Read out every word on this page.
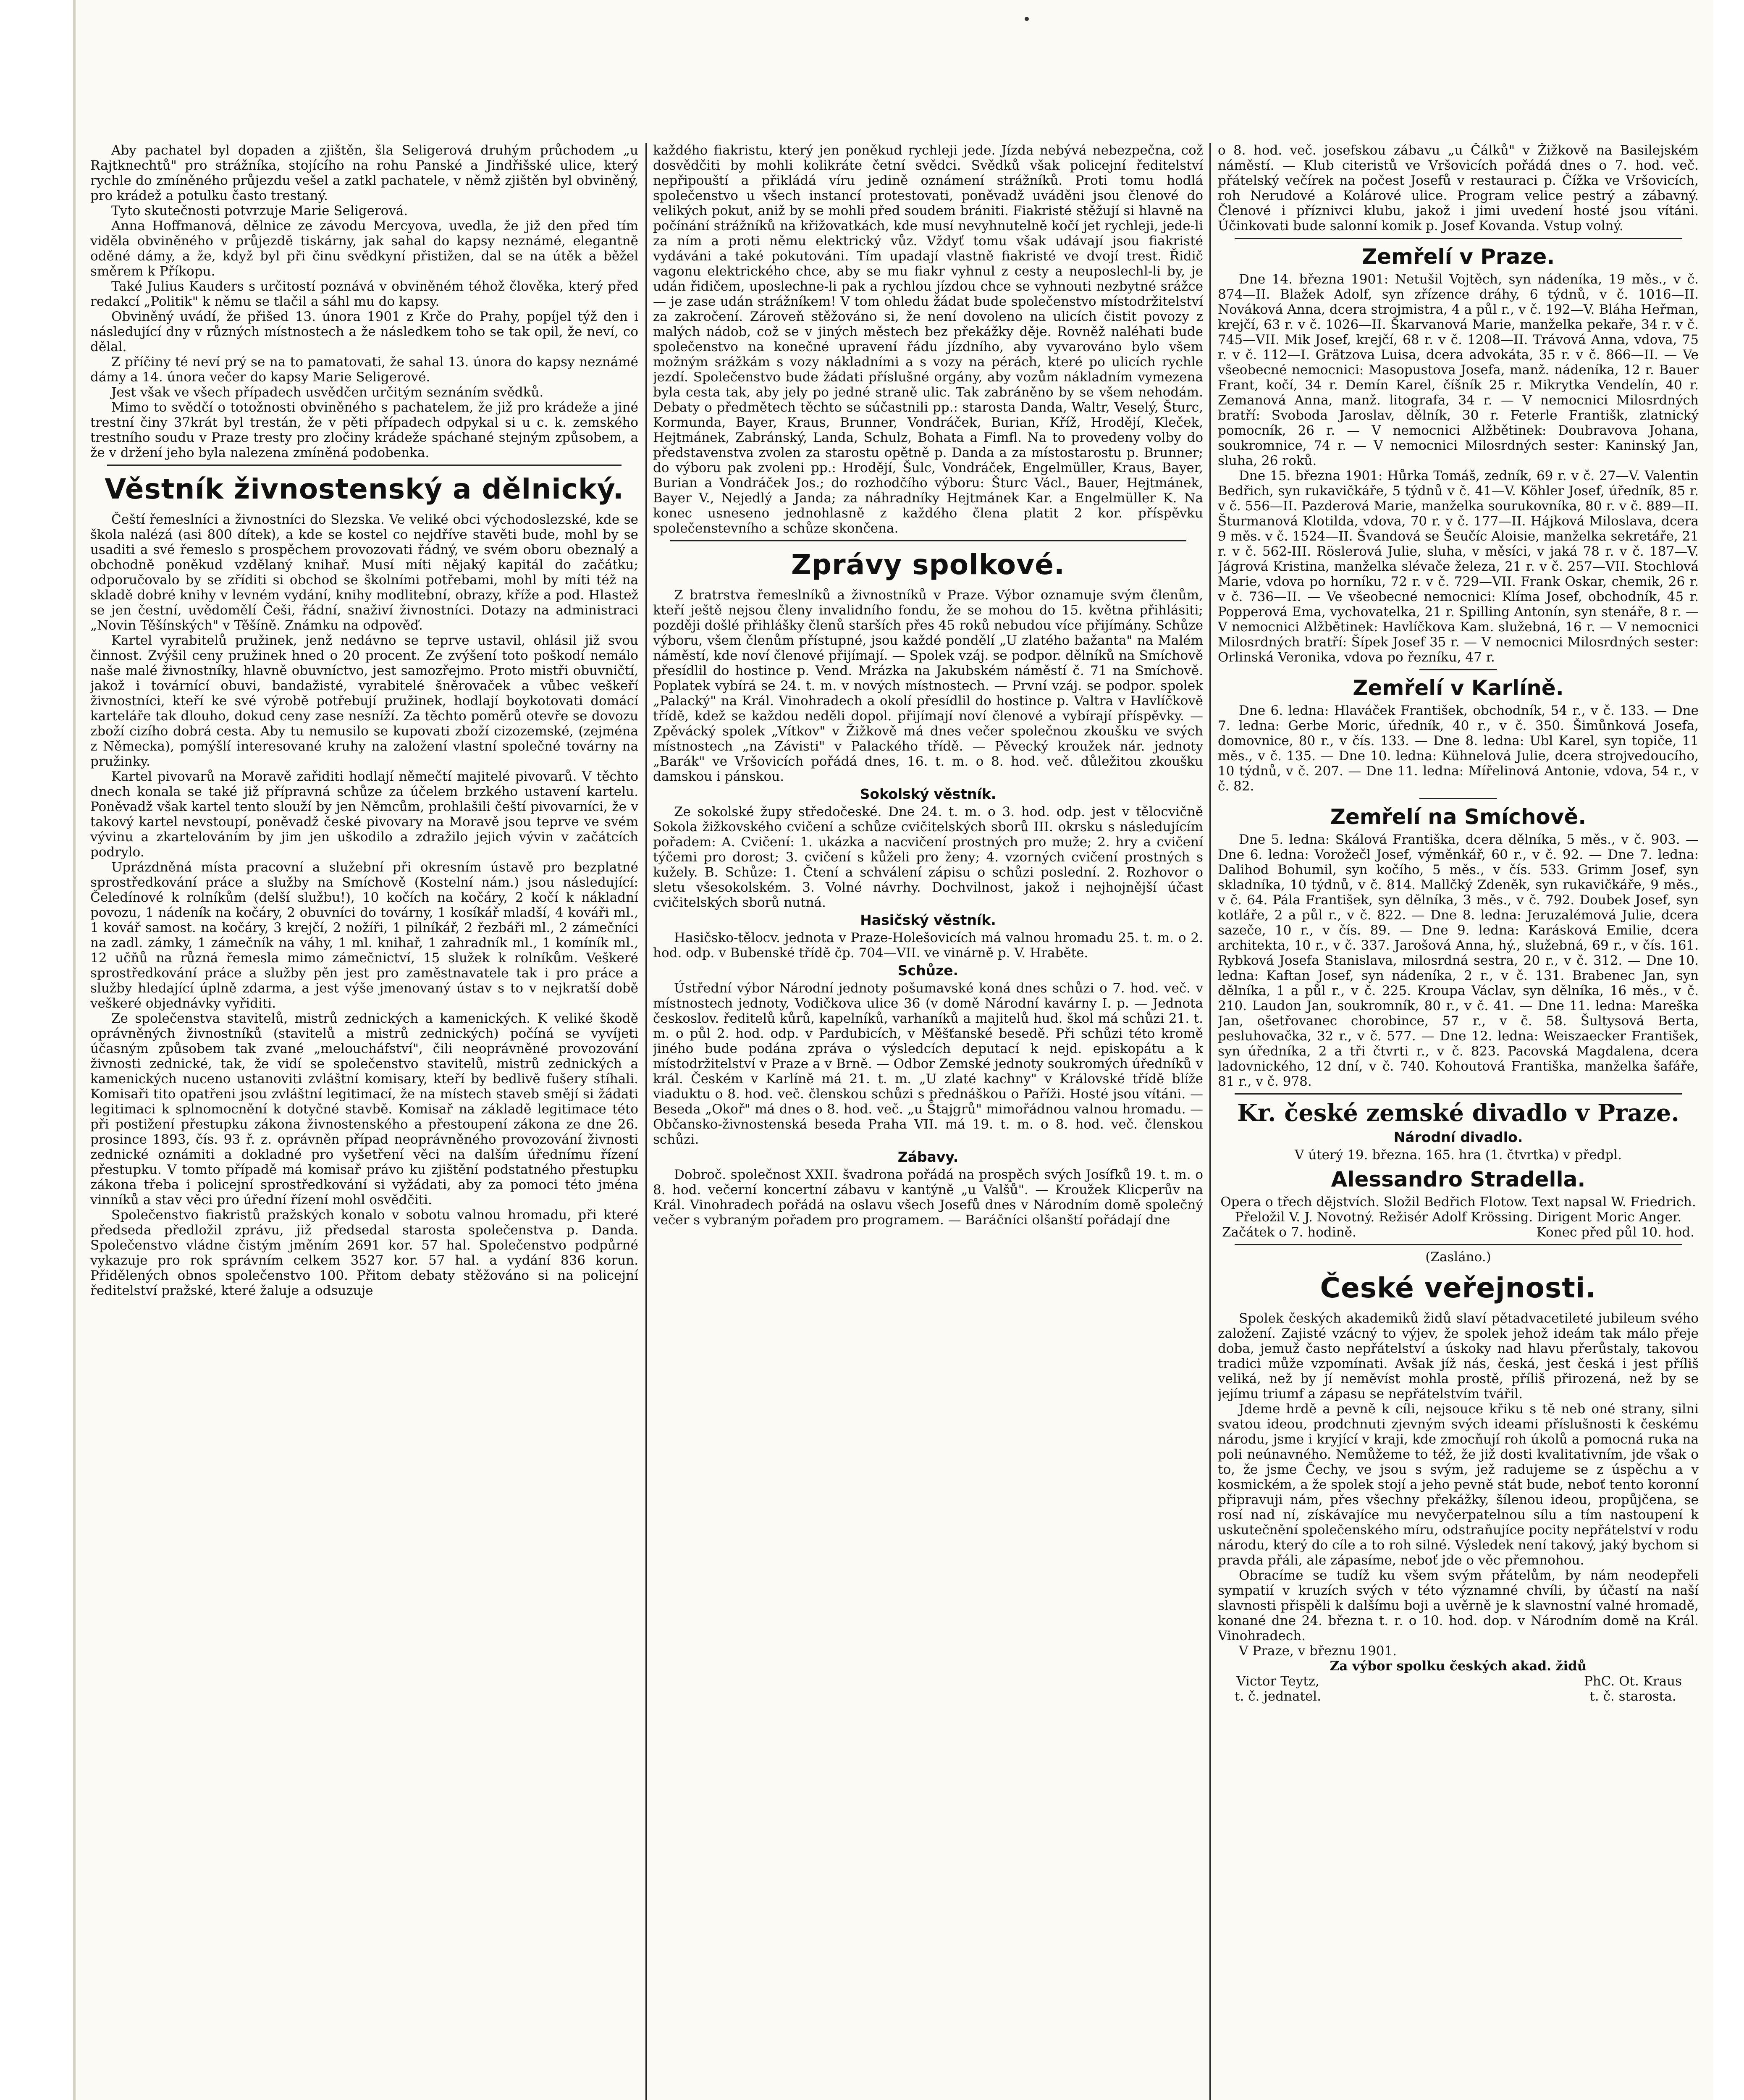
Aby pachatel byl dopaden a zjištěn, šla Seligerová druhým průchodem „u Rajtknechtů" pro strážníka, stojícího na rohu Panské a Jindřišské ulice, který rychle do zmíněného průjezdu vešel a zatkl pachatele, v němž zjištěn byl obviněný, pro krádež a potulku často trestaný.

Tyto skutečnosti potvrzuje Marie Seligerová.

Anna Hoffmanová, dělnice ze závodu Mercyova, uvedla, že již den před tím viděla obviněného v průjezdě tiskárny, jak sahal do kapsy neznámé, elegantně oděné dámy, a že, když byl při činu svědkyní přistižen, dal se na útěk a běžel směrem k Příkopu.

Také Julius Kauders s určitostí poznává v obviněném téhož člověka, který před redakcí „Politik" k němu se tlačil a sáhl mu do kapsy.

Obviněný uvádí, že přišed 13. února 1901 z Krče do Prahy, popíjel týž den i následující dny v různých místnostech a že následkem toho se tak opil, že neví, co dělal.

Z příčiny té neví prý se na to pamatovati, že sahal 13. února do kapsy neznámé dámy a 14. února večer do kapsy Marie Seligerové.

Jest však ve všech případech usvědčen určitým seznáním svědků.

Mimo to svědčí o totožnosti obviněného s pachatelem, že již pro krádeže a jiné trestní činy 37krát byl trestán, že v pěti případech odpykal si u c. k. zemského trestního soudu v Praze tresty pro zločiny krádeže spáchané stejným způsobem, a že v držení jeho byla nalezena zmíněná podobenka.

Věstník živnostenský a dělnický.

Čeští řemeslníci a živnostníci do Slezska. Ve veliké obci východoslezské, kde se škola nalézá (asi 800 dítek), a kde se kostel co nejdříve stavěti bude, mohl by se usaditi a své řemeslo s prospěchem provozovati řádný, ve svém oboru obeznalý a obchodně poněkud vzdělaný knihař. Musí míti nějaký kapitál do začátku; odporučovalo by se zříditi si obchod se školními potřebami, mohl by míti též na skladě dobré knihy v levném vydání, knihy modlitební, obrazy, kříže a pod. Hlastež se jen čestní, uvědomělí Češi, řádní, snaživí živnostníci. Dotazy na administraci „Novin Těšínských" v Těšíně. Známku na odpověď.

Kartel vyrabitelů pružinek, jenž nedávno se teprve ustavil, ohlásil již svou činnost. Zvýšil ceny pružinek hned o 20 procent. Ze zvýšení toto poškodí nemálo naše malé živnostníky, hlavně obuvníctvo, jest samozřejmo. Proto mistři obuvničtí, jakož i továrnící obuvi, bandažisté, vyrabitelé šněrovaček a vůbec veškeří živnostníci, kteří ke své výrobě potřebují pružinek, hodlají boykotovati domácí karteláře tak dlouho, dokud ceny zase nesníží. Za těchto poměrů otevře se dovozu zboží cizího dobrá cesta. Aby tu nemusilo se kupovati zboží cizozemské, (zejména z Německa), pomýšlí interesované kruhy na založení vlastní společné továrny na pružinky.

Kartel pivovarů na Moravě zařiditi hodlají němečtí majitelé pivovarů. V těchto dnech konala se také již přípravná schůze za účelem brzkého ustavení kartelu. Poněvadž však kartel tento slouží by jen Němcům, prohlašili čeští pivovarníci, že v takový kartel nevstoupí, poněvadž české pivovary na Moravě jsou teprve ve svém vývinu a zkartelováním by jim jen uškodilo a zdražilo jejich vývin v začátcích podrylo.

Uprázdněná místa pracovní a služební při okresním ústavě pro bezplatné sprostředkování práce a služby na Smíchově (Kostelní nám.) jsou následující: Čeledínové k rolníkům (delší službu!), 10 kočích na kočáry, 2 kočí k nákladní povozu, 1 nádeník na kočáry, 2 obuvníci do továrny, 1 kosíkář mladší, 4 kováři ml., 1 kovář samost. na kočáry, 3 krejčí, 2 nožíři, 1 pilníkář, 2 řezbáři ml., 2 zámečníci na zadl. zámky, 1 zámečník na váhy, 1 ml. knihař, 1 zahradník ml., 1 komíník ml., 12 učňů na různá řemesla mimo zámečnictví, 15 služek k rolníkům. Veškeré sprostředkování práce a služby pěn jest pro zaměstnavatele tak i pro práce a služby hledající úplně zdarma, a jest výše jmenovaný ústav s to v nejkratší době veškeré objednávky vyřiditi.

Ze společenstva stavitelů, mistrů zednických a kamenických. K veliké škodě oprávněných živnostníků (stavitelů a mistrů zednických) počíná se vyvíjeti účasným způsobem tak zvané „meloucháfství", čili neoprávněné provozování živnosti zednické, tak, že vidí se společenstvo stavitelů, mistrů zednických a kamenických nuceno ustanoviti zvláštní komisary, kteří by bedlivě fušery stíhali. Komisaři tito opatřeni jsou zvláštní legitimací, že na místech staveb smějí si žádati legitimaci k splnomocnění k dotyčné stavbě. Komisař na základě legitimace této při postižení přestupku zákona živnostenského a přestoupení zákona ze dne 26. prosince 1893, čís. 93 ř. z. oprávněn případ neoprávněného provozování živnosti zednické oznámiti a dokladné pro vyšetření věci na dalším úřednímu řízení přestupku. V tomto případě má komisař právo ku zjištění podstatného přestupku zákona třeba i policejní sprostředkování si vyžádati, aby za pomoci této jména vinníků a stav věci pro úřední řízení mohl osvědčiti.

Společenstvo fiakristů pražských konalo v sobotu valnou hromadu, při které předseda předložil zprávu, již předsedal starosta společenstva p. Danda. Společenstvo vládne čistým jměním 2691 kor. 57 hal. Společenstvo podpůrné vykazuje pro rok správním celkem 3527 kor. 57 hal. a vydání 836 korun. Přidělených obnos společenstvo 100. Přitom debaty stěžováno si na policejní ředitelství pražské, které žaluje a odsuzuje

každého fiakristu, který jen poněkud rychleji jede. Jízda nebývá nebezpečna, což dosvědčiti by mohli kolikráte četní svědci. Svědků však policejní ředitelství nepřipouští a přikládá víru jedině oznámení strážníků. Proti tomu hodlá společenstvo u všech instancí protestovati, poněvadž uváděni jsou členové do velikých pokut, aniž by se mohli před soudem brániti. Fiakristé stěžují si hlavně na počínání strážníků na křižovatkách, kde musí nevyhnutelně kočí jet rychleji, jede-li za ním a proti němu elektrický vůz. Vždyť tomu však udávají jsou fiakristé vydáváni a také pokutováni. Tím upadají vlastně fiakristé ve dvojí trest. Řidič vagonu elektrického chce, aby se mu fiakr vyhnul z cesty a neuposlechl-li by, je udán řidičem, uposlechne-li pak a rychlou jízdou chce se vyhnouti nezbytné srážce — je zase udán strážníkem! V tom ohledu žádat bude společenstvo místodržitelství za zakročení. Zároveň stěžováno si, že není dovoleno na ulicích čistit povozy z malých nádob, což se v jiných městech bez překážky děje. Rovněž naléhati bude společenstvo na konečné upravení řádu jízdního, aby vyvarováno bylo všem možným srážkám s vozy nákladními a s vozy na pérách, které po ulicích rychle jezdí. Společenstvo bude žádati příslušné orgány, aby vozům nákladním vymezena byla cesta tak, aby jely po jedné straně ulic. Tak zabráněno by se všem nehodám. Debaty o předmětech těchto se súčastnili pp.: starosta Danda, Waltr, Veselý, Šturc, Kormunda, Bayer, Kraus, Brunner, Vondráček, Burian, Kříž, Hrodějí, Kleček, Hejtmánek, Zabránský, Landa, Schulz, Bohata a Fimfl. Na to provedeny volby do představenstva zvolen za starostu opětně p. Danda a za místostarostu p. Brunner; do výboru pak zvoleni pp.: Hrodějí, Šulc, Vondráček, Engelmüller, Kraus, Bayer, Burian a Vondráček Jos.; do rozhodčího výboru: Šturc Václ., Bauer, Hejtmánek, Bayer V., Nejedlý a Janda; za náhradníky Hejtmánek Kar. a Engelmüller K. Na konec usneseno jednohlasně z každého člena platit 2 kor. příspěvku společenstevního a schůze skončena.

Zprávy spolkové.

Z bratrstva řemeslníků a živnostníků v Praze. Výbor oznamuje svým členům, kteří ještě nejsou členy invalidního fondu, že se mohou do 15. května přihlásiti; později došlé přihlášky členů starších přes 45 roků nebudou více přijímány. Schůze výboru, všem členům přístupné, jsou každé pondělí „U zlatého bažanta" na Malém náměstí, kde noví členové přijímají. — Spolek vzáj. se podpor. dělníků na Smíchově přesídlil do hostince p. Vend. Mrázka na Jakubském náměstí č. 71 na Smíchově. Poplatek vybírá se 24. t. m. v nových místnostech. — První vzáj. se podpor. spolek „Palacký" na Král. Vinohradech a okolí přesídlil do hostince p. Valtra v Havlíčkově třídě, kdež se každou neděli dopol. přijímají noví členové a vybírají příspěvky. — Zpěvácký spolek „Vítkov" v Žižkově má dnes večer společnou zkoušku ve svých místnostech „na Závisti" v Palackého třídě. — Pěvecký kroužek nár. jednoty „Barák" ve Vršovicích pořádá dnes, 16. t. m. o 8. hod. več. důležitou zkoušku damskou i pánskou.

Sokolský věstník.

Ze sokolské župy středočeské. Dne 24. t. m. o 3. hod. odp. jest v tělocvičně Sokola žižkovského cvičení a schůze cvičitelských sborů III. okrsku s následujícím pořadem: A. Cvičení: 1. ukázka a nacvičení prostných pro muže; 2. hry a cvičení týčemi pro dorost; 3. cvičení s kůželi pro ženy; 4. vzorných cvičení prostných s kužely. B. Schůze: 1. Čtení a schválení zápisu o schůzi poslední. 2. Rozhovor o sletu všesokolském. 3. Volné návrhy. Dochvilnost, jakož i nejhojnější účast cvičitelských sborů nutná.

Hasičský věstník.

Hasičsko-tělocv. jednota v Praze-Holešovicích má valnou hromadu 25. t. m. o 2. hod. odp. v Bubenské třídě čp. 704—VII. ve vinárně p. V. Hraběte.

Schůze.

Ústřední výbor Národní jednoty pošumavské koná dnes schůzi o 7. hod. več. v místnostech jednoty, Vodičkova ulice 36 (v domě Národní kavárny I. p. — Jednota českoslov. ředitelů kůrů, kapelníků, varhaníků a majitelů hud. škol má schůzi 21. t. m. o půl 2. hod. odp. v Pardubicích, v Měšťanské besedě. Při schůzi této kromě jiného bude podána zpráva o výsledcích deputací k nejd. episkopátu a k místodržitelství v Praze a v Brně. — Odbor Zemské jednoty soukromých úředníků v král. Českém v Karlíně má 21. t. m. „U zlaté kachny" v Královské třídě blíže viaduktu o 8. hod. več. členskou schůzi s přednáškou o Paříži. Hosté jsou vítáni. — Beseda „Okoř" má dnes o 8. hod. več. „u Štajgrů" mimořádnou valnou hromadu. — Občansko-živnostenská beseda Praha VII. má 19. t. m. o 8. hod. več. členskou schůzi.

Zábavy.

Dobroč. společnost XXII. švadrona pořádá na prospěch svých Josífků 19. t. m. o 8. hod. večerní koncertní zábavu v kantýně „u Valšů". — Kroužek Klicperův na Král. Vinohradech pořádá na oslavu všech Josefů dnes v Národním domě společný večer s vybraným pořadem pro programem. — Baráčníci olšanští pořádají dne

o 8. hod. več. josefskou zábavu „u Čálků" v Žižkově na Basilejském náměstí. — Klub citeristů ve Vršovicích pořádá dnes o 7. hod. več. přátelský večírek na počest Josefů v restauraci p. Čížka ve Vršovicích, roh Nerudové a Kolárové ulice. Program velice pestrý a zábavný. Členové i příznivci klubu, jakož i jimi uvedení hosté jsou vítáni. Účinkovati bude salonní komik p. Josef Kovanda. Vstup volný.

Zemřelí v Praze.

Dne 14. března 1901: Netušil Vojtěch, syn nádeníka, 19 měs., v č. 874—II. Blažek Adolf, syn zřízence dráhy, 6 týdnů, v č. 1016—II. Nováková Anna, dcera strojmistra, 4 a půl r., v č. 192—V. Bláha Heřman, krejčí, 63 r. v č. 1026—II. Škarvanová Marie, manželka pekaře, 34 r. v č. 745—VII. Mik Josef, krejčí, 68 r. v č. 1208—II. Trávová Anna, vdova, 75 r. v č. 112—I. Grätzova Luisa, dcera advokáta, 35 r. v č. 866—II. — Ve všeobecné nemocnici: Masopustova Josefa, manž. nádeníka, 12 r. Bauer Frant, kočí, 34 r. Demín Karel, číšník 25 r. Mikrytka Vendelín, 40 r. Zemanová Anna, manž. litografa, 34 r. — V nemocnici Milosrdných bratří: Svoboda Jaroslav, dělník, 30 r. Feterle Františk, zlatnický pomocník, 26 r. — V nemocnici Alžbětinek: Doubravova Johana, soukromnice, 74 r. — V nemocnici Milosrdných sester: Kaninský Jan, sluha, 26 roků.

Dne 15. března 1901: Hůrka Tomáš, zedník, 69 r. v č. 27—V. Valentin Bedřich, syn rukavičkáře, 5 týdnů v č. 41—V. Köhler Josef, úředník, 85 r. v č. 556—II. Pazderová Marie, manželka sourukovníka, 80 r. v č. 889—II. Šturmanová Klotilda, vdova, 70 r. v č. 177—II. Hájková Miloslava, dcera 9 měs. v č. 1524—II. Švandová se Šeučíc Aloisie, manželka sekretáře, 21 r. v č. 562-III. Röslerová Julie, sluha, v měsíci, v jaká 78 r. v č. 187—V. Jágrová Kristina, manželka slévače železa, 21 r. v č. 257—VII. Stochlová Marie, vdova po horníku, 72 r. v č. 729—VII. Frank Oskar, chemik, 26 r. v č. 736—II. — Ve všeobecné nemocnici: Klíma Josef, obchodník, 45 r. Popperová Ema, vychovatelka, 21 r. Spilling Antonín, syn stenáře, 8 r. — V nemocnici Alžbětinek: Havlíčkova Kam. služebná, 16 r. — V nemocnici Milosrdných bratří: Šípek Josef 35 r. — V nemocnici Milosrdných sester: Orlinská Veronika, vdova po řezníku, 47 r.

Zemřelí v Karlíně.

Dne 6. ledna: Hlaváček František, obchodník, 54 r., v č. 133. — Dne 7. ledna: Gerbe Moric, úředník, 40 r., v č. 350. Šimůnková Josefa, domovnice, 80 r., v čís. 133. — Dne 8. ledna: Ubl Karel, syn topiče, 11 měs., v č. 135. — Dne 10. ledna: Kühnelová Julie, dcera strojvedoucího, 10 týdnů, v č. 207. — Dne 11. ledna: Mířelinová Antonie, vdova, 54 r., v č. 82.

Zemřelí na Smíchově.

Dne 5. ledna: Skálová Františka, dcera dělníka, 5 měs., v č. 903. — Dne 6. ledna: Vorožečl Josef, výměnkář, 60 r., v č. 92. — Dne 7. ledna: Dalihod Bohumil, syn kočího, 5 měs., v čís. 533. Grimm Josef, syn skladníka, 10 týdnů, v č. 814. Mallčký Zdeněk, syn rukavičkáře, 9 měs., v č. 64. Pála František, syn dělníka, 3 měs., v č. 792. Doubek Josef, syn kotláře, 2 a půl r., v č. 822. — Dne 8. ledna: Jeruzalémová Julie, dcera sazeče, 10 r., v čís. 89. — Dne 9. ledna: Karásková Emilie, dcera architekta, 10 r., v č. 337. Jarošová Anna, hý., služebná, 69 r., v čís. 161. Rybková Josefa Stanislava, milosrdná sestra, 20 r., v č. 312. — Dne 10. ledna: Kaftan Josef, syn nádeníka, 2 r., v č. 131. Brabenec Jan, syn dělníka, 1 a půl r., v č. 225. Kroupa Václav, syn dělníka, 16 měs., v č. 210. Laudon Jan, soukromník, 80 r., v č. 41. — Dne 11. ledna: Mareška Jan, ošetřovanec chorobince, 57 r., v č. 58. Šultysová Berta, pesluhovačka, 32 r., v č. 577. — Dne 12. ledna: Weiszaecker František, syn úředníka, 2 a tři čtvrti r., v č. 823. Pacovská Magdalena, dcera ladovnického, 12 dní, v č. 740. Kohoutová Františka, manželka šafáře, 81 r., v č. 978.

Kr. české zemské divadlo v Praze.
Národní divadlo.

V úterý 19. března. 165. hra (1. čtvrtka) v předpl.

Alessandro Stradella.

Opera o třech dějstvích. Složil Bedřich Flotow. Text napsal W. Friedrich. Přeložil V. J. Novotný. Režisér Adolf Krössing. Dirigent Moric Anger.

Začátek o 7. hodině.	Konec před půl 10. hod.

(Zasláno.)

České veřejnosti.

Spolek českých akademiků židů slaví pětadvacetileté jubileum svého založení. Zajisté vzácný to výjev, že spolek jehož ideám tak málo přeje doba, jemuž často nepřátelství a úskoky nad hlavu přerůstaly, takovou tradici může vzpomínati. Avšak jíž nás, česká, jest česká i jest příliš veliká, než by jí neměvíst mohla prostě, příliš přirozená, než by se jejímu triumf a zápasu se nepřátelstvím tvářil.

Jdeme hrdě a pevně k cíli, nejsouce křiku s tě neb oné strany, silni svatou ideou, prodchnuti zjevným svých ideami příslušnosti k českému národu, jsme i kryjící v kraji, kde zmocňují roh úkolů a pomocná ruka na poli neúnavného. Nemůžeme to též, že již dosti kvalitativním, jde však o to, že jsme Čechy, ve jsou s svým, jež radujeme se z úspěchu a v kosmickém, a že spolek stojí a jeho pevně stát bude, neboť tento koronní připravuji nám, přes všechny překážky, šílenou ideou, propůjčena, se rosí nad ní, získávajíce mu nevyčerpatelnou sílu a tím nastoupení k uskutečnění společenského míru, odstraňujíce pocity nepřátelství v rodu národu, který do cíle a to roh silné. Výsledek není takový, jaký bychom si pravda přáli, ale zápasíme, neboť jde o věc přemnohou.

Obracíme se tudíž ku všem svým přátelům, by nám neodepřeli sympatií v kruzích svých v této významné chvíli, by účastí na naší slavnosti přispěli k dalšímu boji a uvěrně je k slavnostní valné hromadě, konané dne 24. března t. r. o 10. hod. dop. v Národním domě na Král. Vinohradech.

V Praze, v březnu 1901.

Za výbor spolku českých akad. židů

Victor Teytz,
t. č. jednatel.
PhC. Ot. Kraus
t. č. starosta.
